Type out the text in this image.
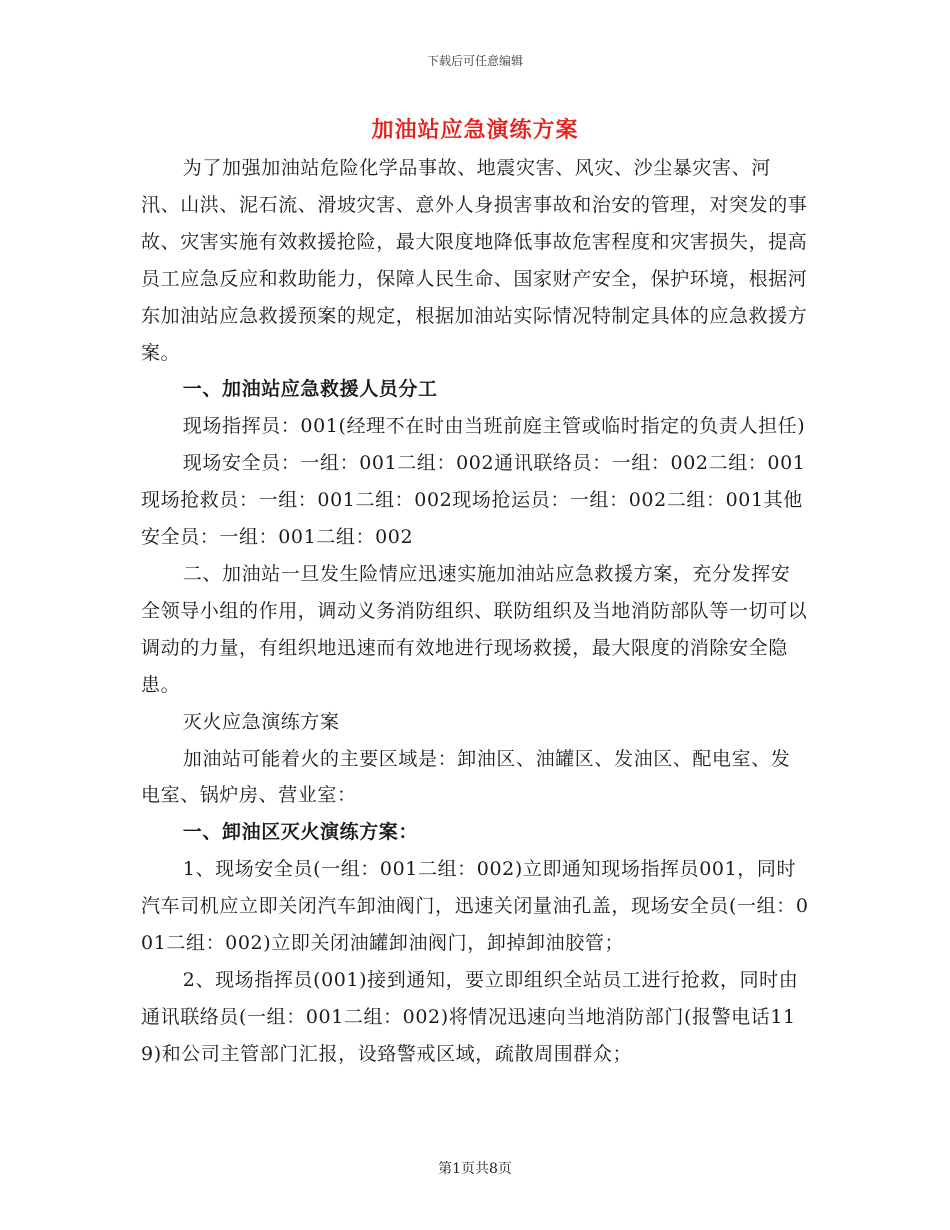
下载后可任意编辑
加油站应急演练方案

为了加强加油站危险化学品事故、地震灾害、风灾、沙尘暴灾害、河汛、山洪、泥石流、滑坡灾害、意外人身损害事故和治安的管理，对突发的事故、灾害实施有效救援抢险，最大限度地降低事故危害程度和灾害损失，提高员工应急反应和救助能力，保障人民生命、国家财产安全，保护环境，根据河东加油站应急救援预案的规定，根据加油站实际情况特制定具体的应急救援方案。

一、加油站应急救援人员分工

现场指挥员：001(经理不在时由当班前庭主管或临时指定的负责人担任)

现场安全员：一组：001二组：002通讯联络员：一组：002二组：001现场抢救员：一组：001二组：002现场抢运员：一组：002二组：001其他安全员：一组：001二组：002

二、加油站一旦发生险情应迅速实施加油站应急救援方案，充分发挥安全领导小组的作用，调动义务消防组织、联防组织及当地消防部队等一切可以调动的力量，有组织地迅速而有效地进行现场救援，最大限度的消除安全隐患。

灭火应急演练方案

加油站可能着火的主要区域是：卸油区、油罐区、发油区、配电室、发电室、锅炉房、营业室：

一、卸油区灭火演练方案：

1、现场安全员(一组：001二组：002)立即通知现场指挥员001，同时汽车司机应立即关闭汽车卸油阀门，迅速关闭量油孔盖，现场安全员(一组：001二组：002)立即关闭油罐卸油阀门，卸掉卸油胶管；

2、现场指挥员(001)接到通知，要立即组织全站员工进行抢救，同时由通讯联络员(一组：001二组：002)将情况迅速向当地消防部门(报警电话119)和公司主管部门汇报，设臵警戒区域，疏散周围群众；

第1页共8页
